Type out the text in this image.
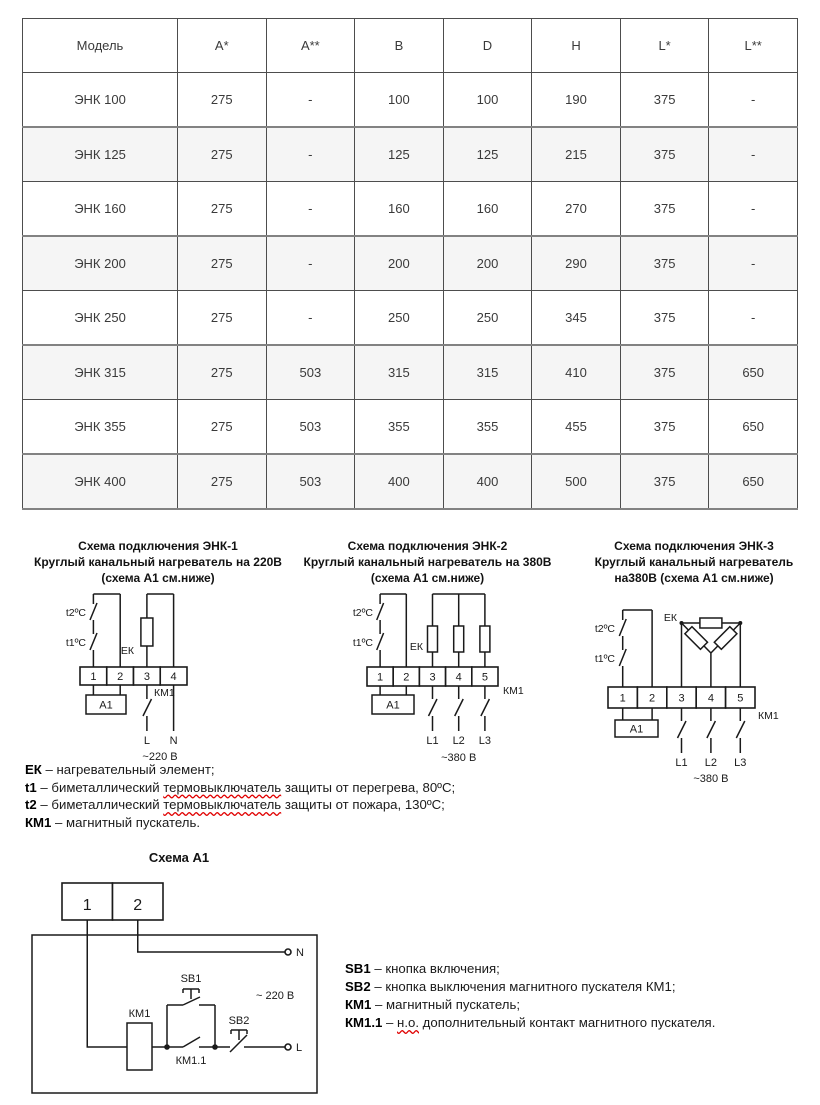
Модель	A*	A**	B	D	H	L*	L**
ЭНК 100	275	-	100	100	190	375	-
ЭНК 125	275	-	125	125	215	375	-
ЭНК 160	275	-	160	160	270	375	-
ЭНК 200	275	-	200	200	290	375	-
ЭНК 250	275	-	250	250	345	375	-
ЭНК 315	275	503	315	315	410	375	650
ЭНК 355	275	503	355	355	455	375	650
ЭНК 400	275	503	400	400	500	375	650
Схема подключения ЭНК-1
Круглый канальный нагреватель на 220В
(схема А1 см.ниже)
Схема подключения ЭНК-2
Круглый канальный нагреватель на 380В
(схема А1 см.ниже)
Схема подключения ЭНК-3
Круглый канальный нагреватель
на380В (схема А1 см.ниже)
1 2 3 4
А1
t2ºС
t1ºС
ЕК
КМ1
L N
~220 В
1 2 3 4 5
А1
t2ºС
t1ºС	ЕК
КМ1
L1 L2 L3
~380 В
1 2 3 4 5
А1
t2ºС
t1ºС
ЕК
КМ1
L1 L2 L3
~380 В
ЕК – нагревательный элемент;
t1 – биметаллический термовыключатель защиты от перегрева, 80ºС;
t2 – биметаллический термовыключатель защиты от пожара, 130ºС;
КМ1 – магнитный пускатель.
Схема А1
1	2
N
L
~ 220 В
КМ1
SB1
SB2
КМ1.1
SB1 – кнопка включения;
SB2 – кнопка выключения магнитного пускателя КМ1;
КМ1 – магнитный пускатель;
КМ1.1 – н.о. дополнительный контакт магнитного пускателя.
